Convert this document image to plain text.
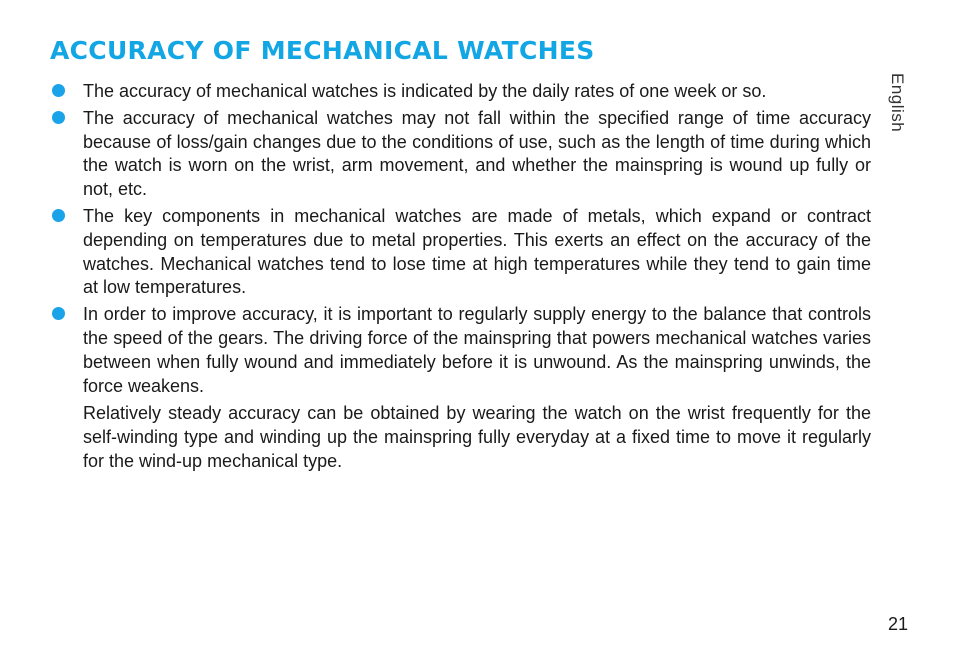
ACCURACY OF MECHANICAL WATCHES

The accuracy of mechanical watches is indicated by the daily rates of one week or so.

The accuracy of mechanical watches may not fall within the specified range of time accuracy because of loss/gain changes due to the conditions of use, such as the length of time during which the watch is worn on the wrist, arm movement, and whether the mainspring is wound up fully or not, etc.

The key components in mechanical watches are made of metals, which expand or contract depending on temperatures due to metal properties. This exerts an effect on the accuracy of the watches. Mechanical watches tend to lose time at high temperatures while they tend to gain time at low temperatures.

In order to improve accuracy, it is important to regularly supply energy to the balance that controls the speed of the gears. The driving force of the mainspring that powers mechanical watches varies between when fully wound and immediately before it is unwound. As the mainspring unwinds, the force weakens.

Relatively steady accuracy can be obtained by wearing the watch on the wrist frequently for the self-winding type and winding up the mainspring fully everyday at a fixed time to move it regularly for the wind-up mechanical type.

English
21
